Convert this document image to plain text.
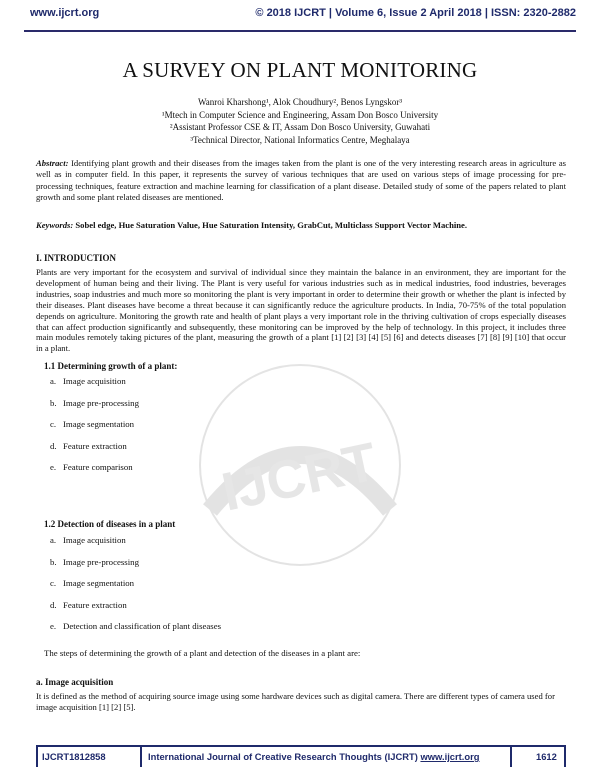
www.ijcrt.org	© 2018 IJCRT | Volume 6, Issue 2 April 2018 | ISSN: 2320-2882
A SURVEY ON PLANT MONITORING
Wanroi Kharshong¹, Alok Choudhury², Benos Lyngskor³
¹Mtech in Computer Science and Engineering, Assam Don Bosco University
²Assistant Professor CSE & IT, Assam Don Bosco University, Guwahati
³Technical Director, National Informatics Centre, Meghalaya
Abstract: Identifying plant growth and their diseases from the images taken from the plant is one of the very interesting research areas in agriculture as well as in computer field. In this paper, it represents the survey of various techniques that are used on various steps of image processing for pre-processing techniques, feature extraction and machine learning for classification of a plant disease. Detailed study of some of the papers related to plant growth and some plant related diseases are mentioned.
Keywords: Sobel edge, Hue Saturation Value, Hue Saturation Intensity, GrabCut, Multiclass Support Vector Machine.
I. INTRODUCTION
Plants are very important for the ecosystem and survival of individual since they maintain the balance in an environment, they are important for the development of human being and their living. The Plant is very useful for various industries such as in medical industries, food industries, beverages industries, soap industries and much more so monitoring the plant is very important in order to determine their growth or whether the plant is infected by their diseases. Plant diseases have become a threat because it can significantly reduce the agriculture products. In India, 70-75% of the total population depends on agriculture. Monitoring the growth rate and health of plant plays a very important role in the thriving cultivation of crops especially diseases that can affect production significantly and subsequently, these monitoring can be improved by the help of technology. In this project, it includes three main modules remotely taking pictures of the plant, measuring the growth of a plant [1] [2] [3] [4] [5] [6] and detects diseases [7] [8] [9] [10] that occur in a plant.
1.1 Determining growth of a plant:
a. Image acquisition
b. Image pre-processing
c. Image segmentation
d. Feature extraction
e. Feature comparison
1.2 Detection of diseases in a plant
a. Image acquisition
b. Image pre-processing
c. Image segmentation
d. Feature extraction
e. Detection and classification of plant diseases
The steps of determining the growth of a plant and detection of the diseases in a plant are:
a. Image acquisition
It is defined as the method of acquiring source image using some hardware devices such as digital camera. There are different types of camera used for image acquisition [1] [2] [5].
IJCRT
IJCRT1812858	International Journal of Creative Research Thoughts (IJCRT) www.ijcrt.org	1612
